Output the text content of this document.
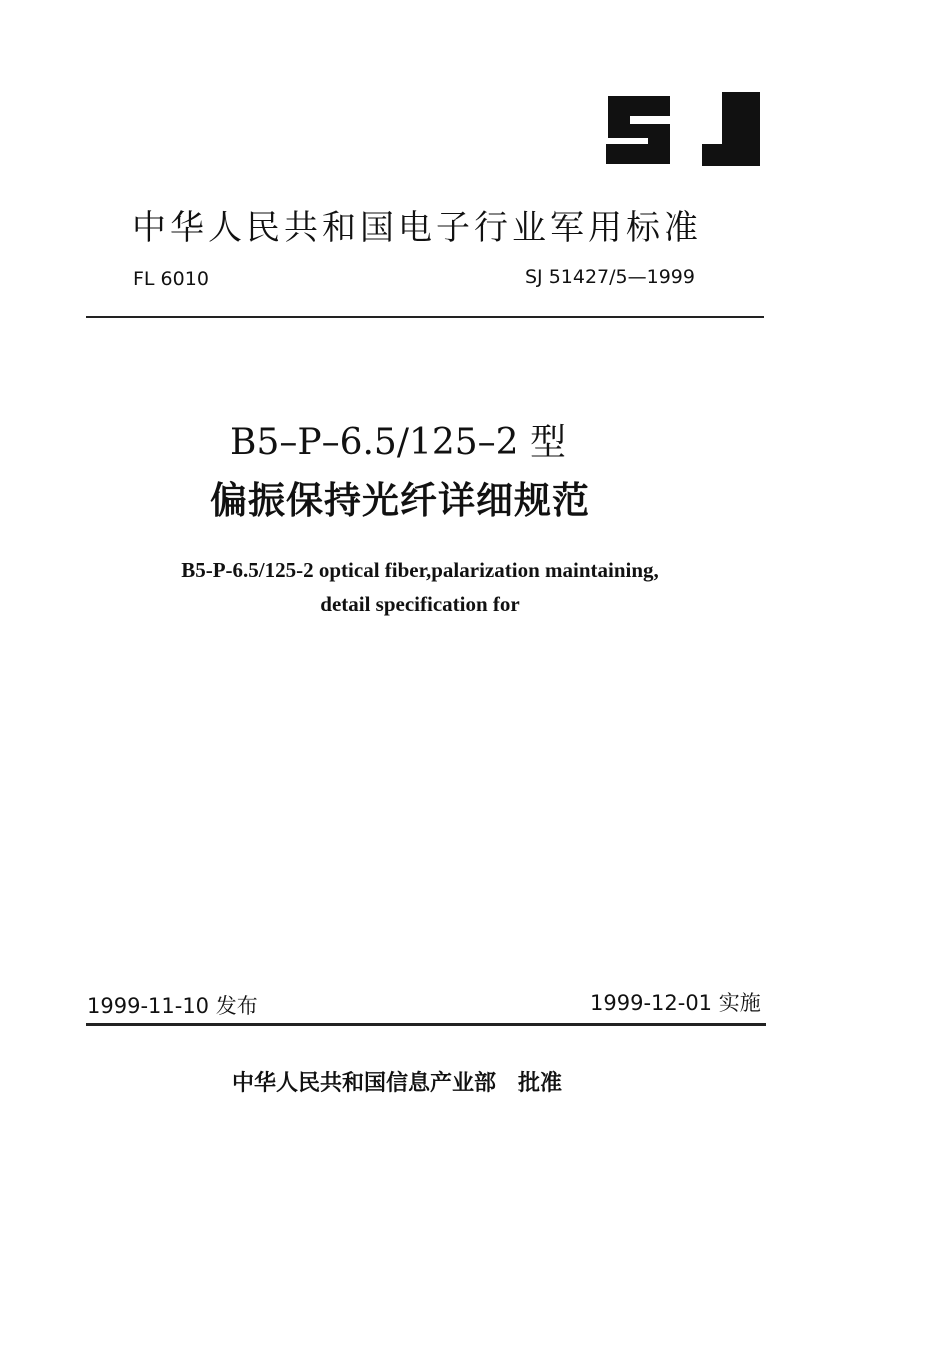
SJ
中华人民共和国电子行业军用标准
FL 6010	SJ 51427/5—1999
B5–P–6.5/125–2 型
偏振保持光纤详细规范
B5-P-6.5/125-2 optical fiber,palarization maintaining,
detail specification for
1999-11-10 发布	1999-12-01 实施
中华人民共和国信息产业部 批准
